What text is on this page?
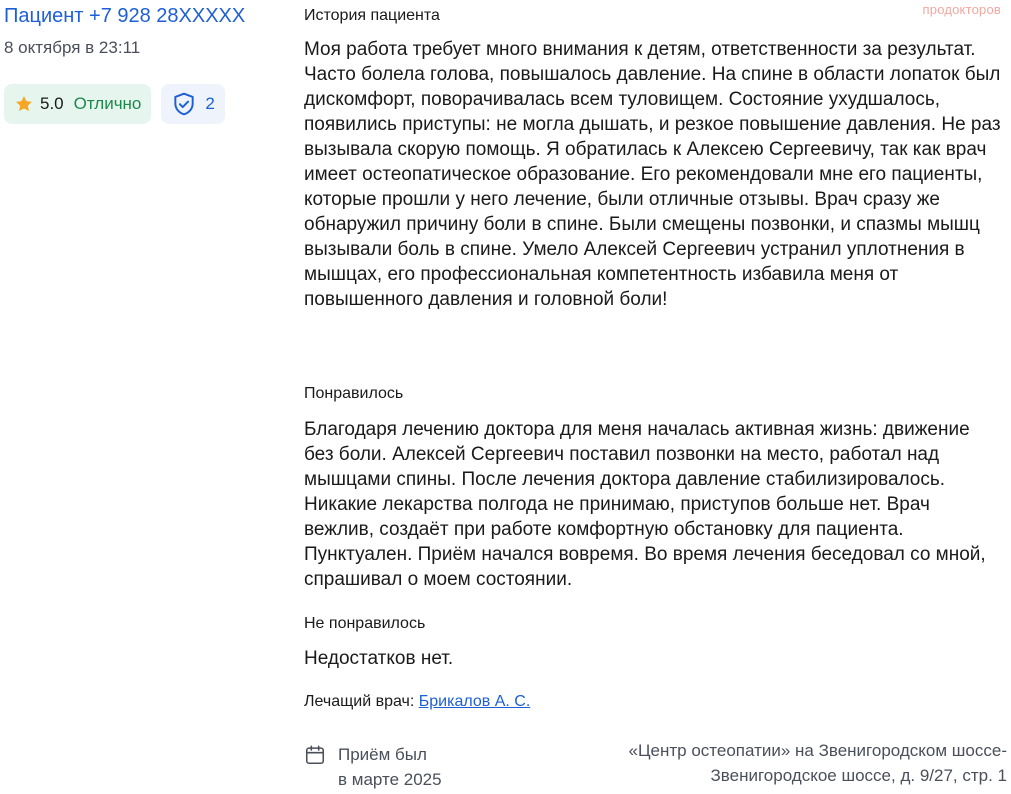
Пациент +7 928 28XXXXX
8 октября в 23:11
5.0 Отлично	2
продокторов
История пациента

Моя работа требует много внимания к детям, ответственности за результат. Часто болела голова, повышалось давление. На спине в области лопаток был дискомфорт, поворачивалась всем туловищем. Состояние ухудшалось, появились приступы: не могла дышать, и резкое повышение давления. Не раз вызывала скорую помощь. Я обратилась к Алексею Сергеевичу, так как врач имеет остеопатическое образование. Его рекомендовали мне его пациенты, которые прошли у него лечение, были отличные отзывы. Врач сразу же обнаружил причину боли в спине. Были смещены позвонки, и спазмы мышц вызывали боль в спине. Умело Алексей Сергеевич устранил уплотнения в мышцах, его профессиональная компетентность избавила меня от повышенного давления и головной боли!

Понравилось

Благодаря лечению доктора для меня началась активная жизнь: движение без боли. Алексей Сергеевич поставил позвонки на место, работал над мышцами спины. После лечения доктора давление стабилизировалось. Никакие лекарства полгода не принимаю, приступов больше нет. Врач вежлив, создаёт при работе комфортную обстановку для пациента. Пунктуален. Приём начался вовремя. Во время лечения беседовал со мной, спрашивал о моем состоянии.

Не понравилось

Недостатков нет.

Лечащий врач: Брикалов А. С.
Приём был
в марте 2025
«Центр остеопатии» на Звенигородском шоссе-
Звенигородское шоссе, д. 9/27, стр. 1
